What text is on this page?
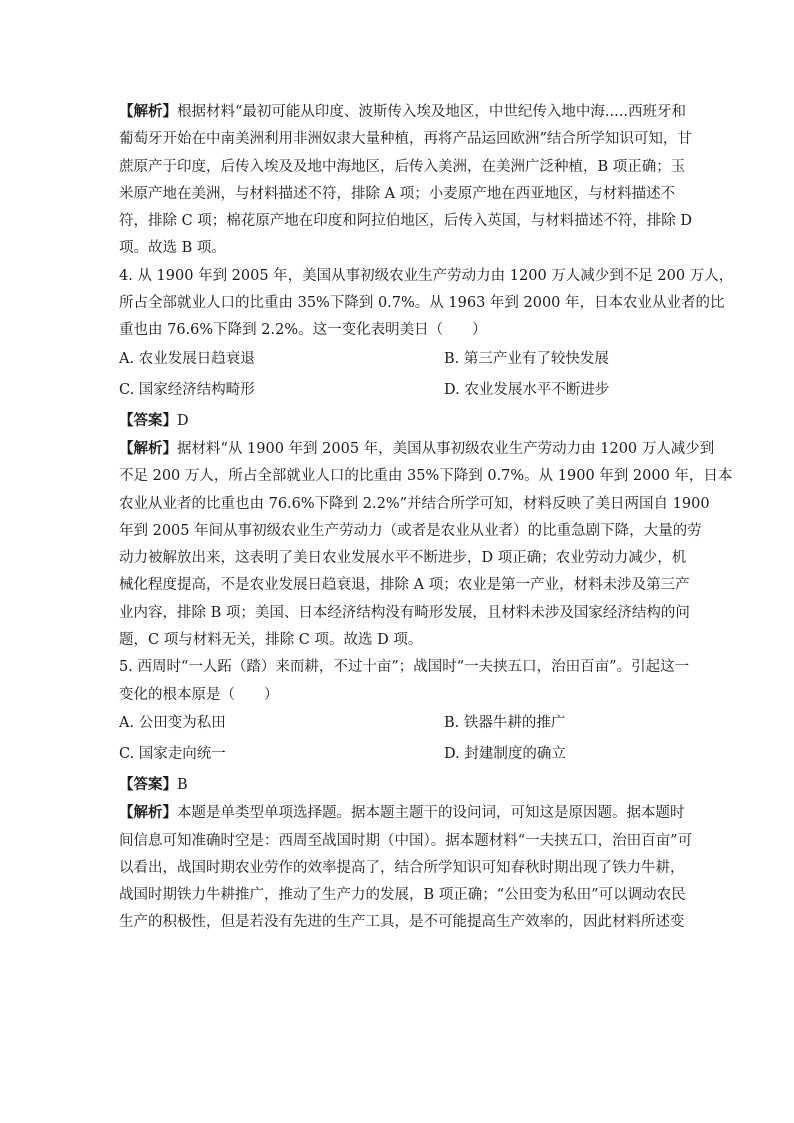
【解析】根据材料“最初可能从印度、波斯传入埃及地区，中世纪传入地中海.....西班牙和
葡萄牙开始在中南美洲利用非洲奴隶大量种植，再将产品运回欧洲”结合所学知识可知，甘
蔗原产于印度，后传入埃及及地中海地区，后传入美洲，在美洲广泛种植，B 项正确；玉
米原产地在美洲，与材料描述不符，排除 A 项；小麦原产地在西亚地区，与材料描述不
符，排除 C 项；棉花原产地在印度和阿拉伯地区，后传入英国，与材料描述不符，排除 D
项。故选 B 项。

4. 从 1900 年到 2005 年，美国从事初级农业生产劳动力由 1200 万人减少到不足 200 万人，
所占全部就业人口的比重由 35%下降到 0.7%。从 1963 年到 2000 年，日本农业从业者的比
重也由 76.6%下降到 2.2%。这一变化表明美日（　　）

A. 农业发展日趋衰退	B. 第三产业有了较快发展
C. 国家经济结构畸形	D. 农业发展水平不断进步

【答案】D

【解析】据材料“从 1900 年到 2005 年，美国从事初级农业生产劳动力由 1200 万人减少到
不足 200 万人，所占全部就业人口的比重由 35%下降到 0.7%。从 1900 年到 2000 年，日本
农业从业者的比重也由 76.6%下降到 2.2%”并结合所学可知，材料反映了美日两国自 1900
年到 2005 年间从事初级农业生产劳动力（或者是农业从业者）的比重急剧下降，大量的劳
动力被解放出来，这表明了美日农业发展水平不断进步，D 项正确；农业劳动力减少，机
械化程度提高，不是农业发展日趋衰退，排除 A 项；农业是第一产业，材料未涉及第三产
业内容，排除 B 项；美国、日本经济结构没有畸形发展，且材料未涉及国家经济结构的问
题，C 项与材料无关，排除 C 项。故选 D 项。

5. 西周时“一人跖（踏）来而耕，不过十亩”；战国时“一夫挟五口，治田百亩”。引起这一
变化的根本原是（　　）

A. 公田变为私田	B. 铁器牛耕的推广
C. 国家走向统一	D. 封建制度的确立

【答案】B

【解析】本题是单类型单项选择题。据本题主题干的设问词，可知这是原因题。据本题时
间信息可知准确时空是：西周至战国时期（中国）。据本题材料“一夫挟五口，治田百亩”可
以看出，战国时期农业劳作的效率提高了，结合所学知识可知春秋时期出现了铁力牛耕，
战国时期铁力牛耕推广，推动了生产力的发展，B 项正确；“公田变为私田”可以调动农民
生产的积极性，但是若没有先进的生产工具，是不可能提高生产效率的，因此材料所述变
